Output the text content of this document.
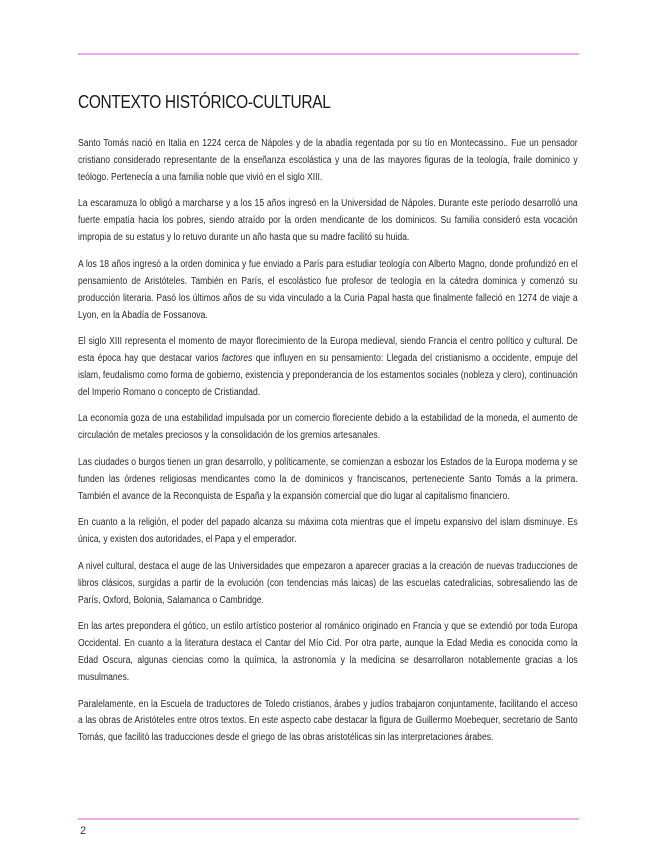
CONTEXTO HISTÓRICO-CULTURAL

Santo Tomás nació en Italia en 1224 cerca de Nápoles y de la abadía regentada por su tío en Montecassino.. Fue un pensador cristiano considerado representante de la enseñanza escolástica y una de las mayores figuras de la teología, fraile dominico y teólogo. Pertenecía a una familia noble que vivió en el siglo XIII.

La escaramuza lo obligó a marcharse y a los 15 años ingresó en la Universidad de Nápoles. Durante este período desarrolló una fuerte empatía hacia los pobres, siendo atraído por la orden mendicante de los dominicos. Su familia consideró esta vocación impropia de su estatus y lo retuvo durante un año hasta que su madre facilitó su huida.

A los 18 años ingresó a la orden dominica y fue enviado a París para estudiar teología con Alberto Magno, donde profundizó en el pensamiento de Aristóteles. También en París, el escolástico fue profesor de teología en la cátedra dominica y comenzó su producción literaria. Pasó los últimos años de su vida vinculado a la Curia Papal hasta que finalmente falleció en 1274 de viaje a Lyon, en la Abadía de Fossanova.

El siglo XIII representa el momento de mayor florecimiento de la Europa medieval, siendo Francia el centro político y cultural. De esta época hay que destacar varios factores que influyen en su pensamiento: Llegada del cristianismo a occidente, empuje del islam, feudalismo como forma de gobierno, existencia y preponderancia de los estamentos sociales (nobleza y clero), continuación del Imperio Romano o concepto de Cristiandad.

La economía goza de una estabilidad impulsada por un comercio floreciente debido a la estabilidad de la moneda, el aumento de circulación de metales preciosos y la consolidación de los gremios artesanales.

Las ciudades o burgos tienen un gran desarrollo, y políticamente, se comienzan a esbozar los Estados de la Europa moderna y se funden las órdenes religiosas mendicantes como la de dominicos y franciscanos, perteneciente Santo Tomás a la primera. También el avance de la Reconquista de España y la expansión comercial que dio lugar al capitalismo financiero.

En cuanto a la religión, el poder del papado alcanza su máxima cota mientras que el ímpetu expansivo del islam disminuye. Es única, y existen dos autoridades, el Papa y el emperador.

A nivel cultural, destaca el auge de las Universidades que empezaron a aparecer gracias a la creación de nuevas traducciones de libros clásicos, surgidas a partir de la evolución (con tendencias más laicas) de las escuelas catedralicias, sobresaliendo las de París, Oxford, Bolonia, Salamanca o Cambridge.

En las artes prepondera el gótico, un estilo artístico posterior al románico originado en Francia y que se extendió por toda Europa Occidental. En cuanto a la literatura destaca el Cantar del Mío Cid. Por otra parte, aunque la Edad Media es conocida como la Edad Oscura, algunas ciencias como la química, la astronomía y la medicina se desarrollaron notablemente gracias a los musulmanes.

Paralelamente, en la Escuela de traductores de Toledo cristianos, árabes y judíos trabajaron conjuntamente, facilitando el acceso a las obras de Aristóteles entre otros textos. En este aspecto cabe destacar la figura de Guillermo Moebequer, secretario de Santo Tomás, que facilitó las traducciones desde el griego de las obras aristotélicas sin las interpretaciones árabes.

2
